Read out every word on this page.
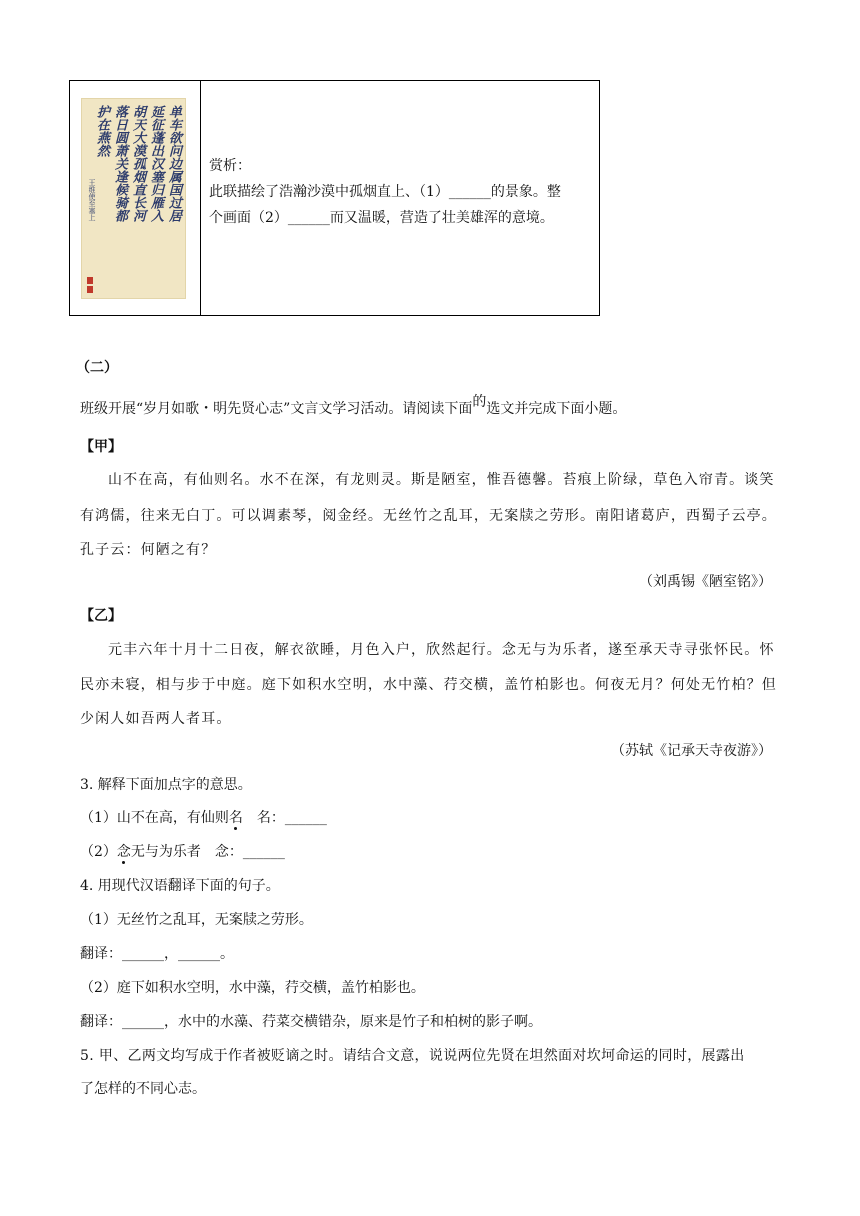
单车欲问边属国过居
延征蓬出汉塞归雁入
胡天大漠孤烟直长河
落日圆萧关逢候骑都
护在燕然
王维使至塞上
赏析：
此联描绘了浩瀚沙漠中孤烟直上、（1）______的景象。整
个画面（2）______而又温暖，营造了壮美雄浑的意境。
（二）
班级开展“岁月如歌・明先贤心志”文言文学习活动。请阅读下面的选文并完成下面小题。
【甲】
山不在高，有仙则名。水不在深，有龙则灵。斯是陋室，惟吾德馨。苔痕上阶绿，草色入帘青。谈笑
有鸿儒，往来无白丁。可以调素琴，阅金经。无丝竹之乱耳，无案牍之劳形。南阳诸葛庐，西蜀子云亭。
孔子云：何陋之有？
（刘禹锡《陋室铭》）
【乙】
元丰六年十月十二日夜，解衣欲睡，月色入户，欣然起行。念无与为乐者，遂至承天寺寻张怀民。怀
民亦未寝，相与步于中庭。庭下如积水空明，水中藻、荇交横，盖竹柏影也。何夜无月？何处无竹柏？但
少闲人如吾两人者耳。
（苏轼《记承天寺夜游》）
3. 解释下面加点字的意思。
（1）山不在高，有仙则名　名：______
（2）念无与为乐者　念：______
4. 用现代汉语翻译下面的句子。
（1）无丝竹之乱耳，无案牍之劳形。
翻译：______，______。
（2）庭下如积水空明，水中藻，荇交横，盖竹柏影也。
翻译：______，水中的水藻、荇菜交横错杂，原来是竹子和柏树的影子啊。
5. 甲、乙两文均写成于作者被贬谪之时。请结合文意，说说两位先贤在坦然面对坎坷命运的同时，展露出
了怎样的不同心志。
